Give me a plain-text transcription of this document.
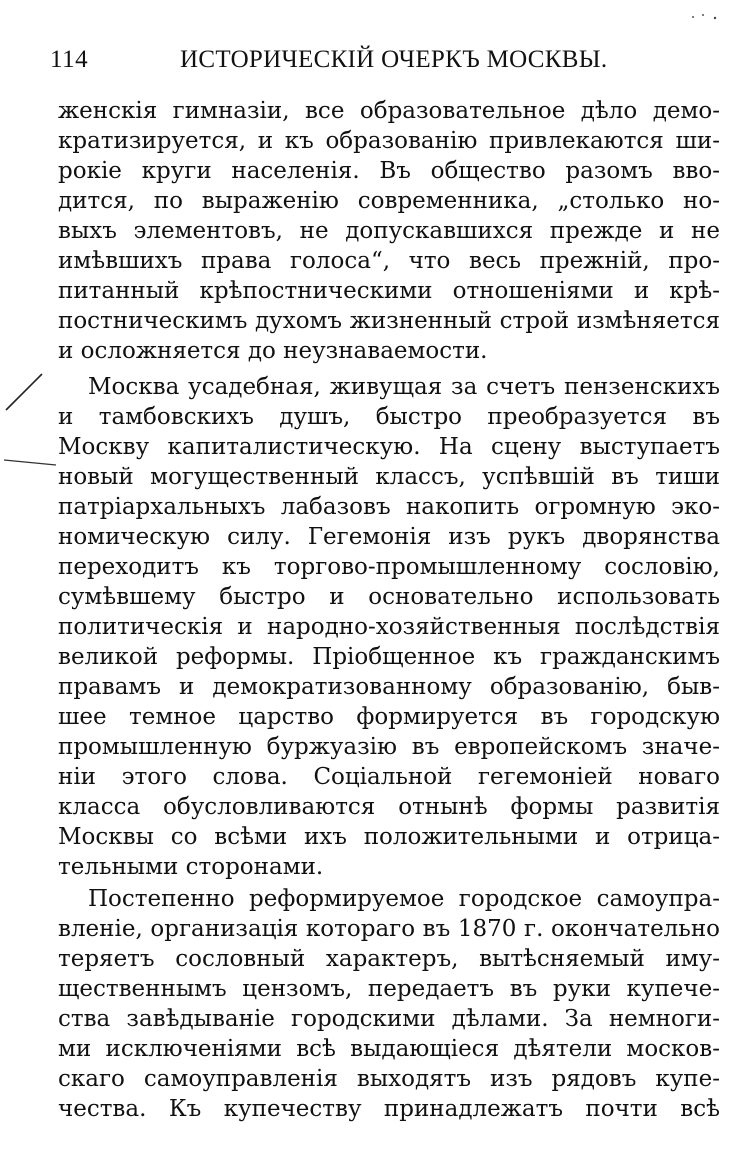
114	ИСТОРИЧЕСКІЙ ОЧЕРКЪ МОСКВЫ.
женскія гимназіи, все образовательное дѣло демо-
кратизируется, и къ образованію привлекаются ши-
рокіе круги населенія. Въ общество разомъ вво-
дится, по выраженію современника, „столько но-
выхъ элементовъ, не допускавшихся прежде и не
имѣвшихъ права голоса“, что весь прежній, про-
питанный крѣпостническими отношеніями и крѣ-
постническимъ духомъ жизненный строй измѣняется
и осложняется до неузнаваемости.
Москва усадебная, живущая за счетъ пензенскихъ
и тамбовскихъ душъ, быстро преобразуется въ
Москву капиталистическую. На сцену выступаетъ
новый могущественный классъ, успѣвшій въ тиши
патріархальныхъ лабазовъ накопить огромную эко-
номическую силу. Гегемонія изъ рукъ дворянства
переходитъ къ торгово-промышленному сословію,
сумѣвшему быстро и основательно использовать
политическія и народно-хозяйственныя послѣдствія
великой реформы. Пріобщенное къ гражданскимъ
правамъ и демократизованному образованію, быв-
шее темное царство формируется въ городскую
промышленную буржуазію въ европейскомъ значе-
ніи этого слова. Соціальной гегемоніей новаго
класса обусловливаются отнынѣ формы развитія
Москвы со всѣми ихъ положительными и отрица-
тельными сторонами.
Постепенно реформируемое городское самоупра-
вленіе, организація котораго въ 1870 г. окончательно
теряетъ сословный характеръ, вытѣсняемый иму-
щественнымъ цензомъ, передаетъ въ руки купече-
ства завѣдываніе городскими дѣлами. За немноги-
ми исключеніями всѣ выдающіеся дѣятели москов-
скаго самоуправленія выходятъ изъ рядовъ купе-
чества. Къ купечеству принадлежатъ почти всѣ
